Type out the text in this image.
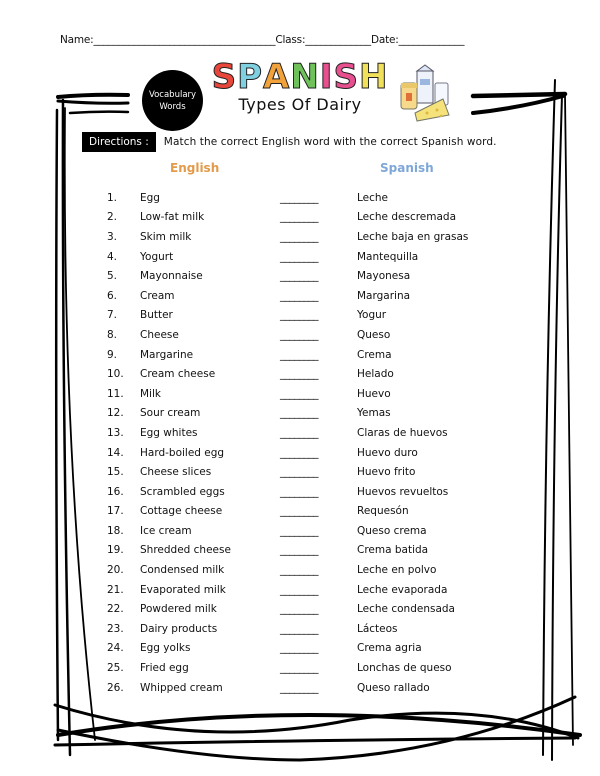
Name:____________________________________Class:_____________Date:_____________
Vocabulary
Words
SPANISH
Types Of Dairy
Directions :	Match the correct English word with the correct Spanish word.
English	Spanish
1.	Egg	________	Leche
2.	Low-fat milk	________	Leche descremada
3.	Skim milk	________	Leche baja en grasas
4.	Yogurt	________	Mantequilla
5.	Mayonnaise	________	Mayonesa
6.	Cream	________	Margarina
7.	Butter	________	Yogur
8.	Cheese	________	Queso
9.	Margarine	________	Crema
10.	Cream cheese	________	Helado
11.	Milk	________	Huevo
12.	Sour cream	________	Yemas
13.	Egg whites	________	Claras de huevos
14.	Hard-boiled egg	________	Huevo duro
15.	Cheese slices	________	Huevo frito
16.	Scrambled eggs	________	Huevos revueltos
17.	Cottage cheese	________	Requesón
18.	Ice cream	________	Queso crema
19.	Shredded cheese	________	Crema batida
20.	Condensed milk	________	Leche en polvo
21.	Evaporated milk	________	Leche evaporada
22.	Powdered milk	________	Leche condensada
23.	Dairy products	________	Lácteos
24.	Egg yolks	________	Crema agria
25.	Fried egg	________	Lonchas de queso
26.	Whipped cream	________	Queso rallado
